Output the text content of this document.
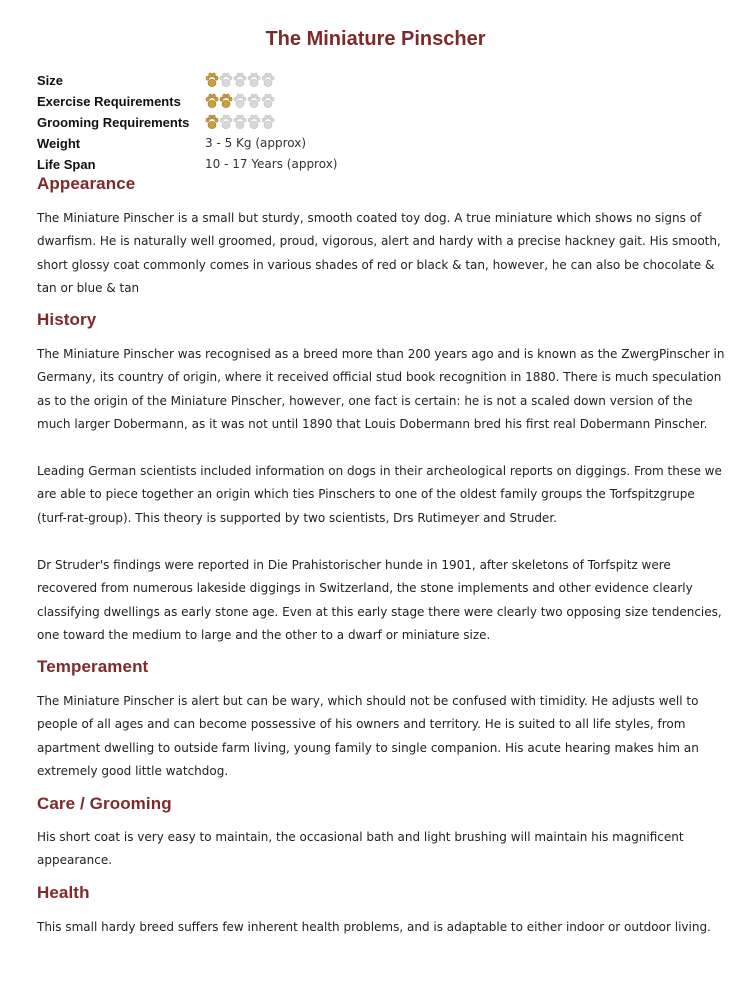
The Miniature Pinscher
Size
Exercise Requirements
Grooming Requirements
Weight	3 - 5 Kg (approx)
Life Span	10 - 17 Years (approx)
Appearance

The Miniature Pinscher is a small but sturdy, smooth coated toy dog. A true miniature which shows no signs of dwarfism. He is naturally well groomed, proud, vigorous, alert and hardy with a precise hackney gait. His smooth, short glossy coat commonly comes in various shades of red or black & tan, however, he can also be chocolate & tan or blue & tan

History

The Miniature Pinscher was recognised as a breed more than 200 years ago and is known as the ZwergPinscher in Germany, its country of origin, where it received official stud book recognition in 1880. There is much speculation as to the origin of the Miniature Pinscher, however, one fact is certain: he is not a scaled down version of the much larger Dobermann, as it was not until 1890 that Louis Dobermann bred his first real Dobermann Pinscher.

Leading German scientists included information on dogs in their archeological reports on diggings. From these we are able to piece together an origin which ties Pinschers to one of the oldest family groups the Torfspitzgrupe (turf-rat-group). This theory is supported by two scientists, Drs Rutimeyer and Struder.

Dr Struder's findings were reported in Die Prahistorischer hunde in 1901, after skeletons of Torfspitz were recovered from numerous lakeside diggings in Switzerland, the stone implements and other evidence clearly classifying dwellings as early stone age. Even at this early stage there were clearly two opposing size tendencies, one toward the medium to large and the other to a dwarf or miniature size.

Temperament

The Miniature Pinscher is alert but can be wary, which should not be confused with timidity. He adjusts well to people of all ages and can become possessive of his owners and territory. He is suited to all life styles, from apartment dwelling to outside farm living, young family to single companion. His acute hearing makes him an extremely good little watchdog.

Care / Grooming

His short coat is very easy to maintain, the occasional bath and light brushing will maintain his magnificent appearance.

Health

This small hardy breed suffers few inherent health problems, and is adaptable to either indoor or outdoor living.
